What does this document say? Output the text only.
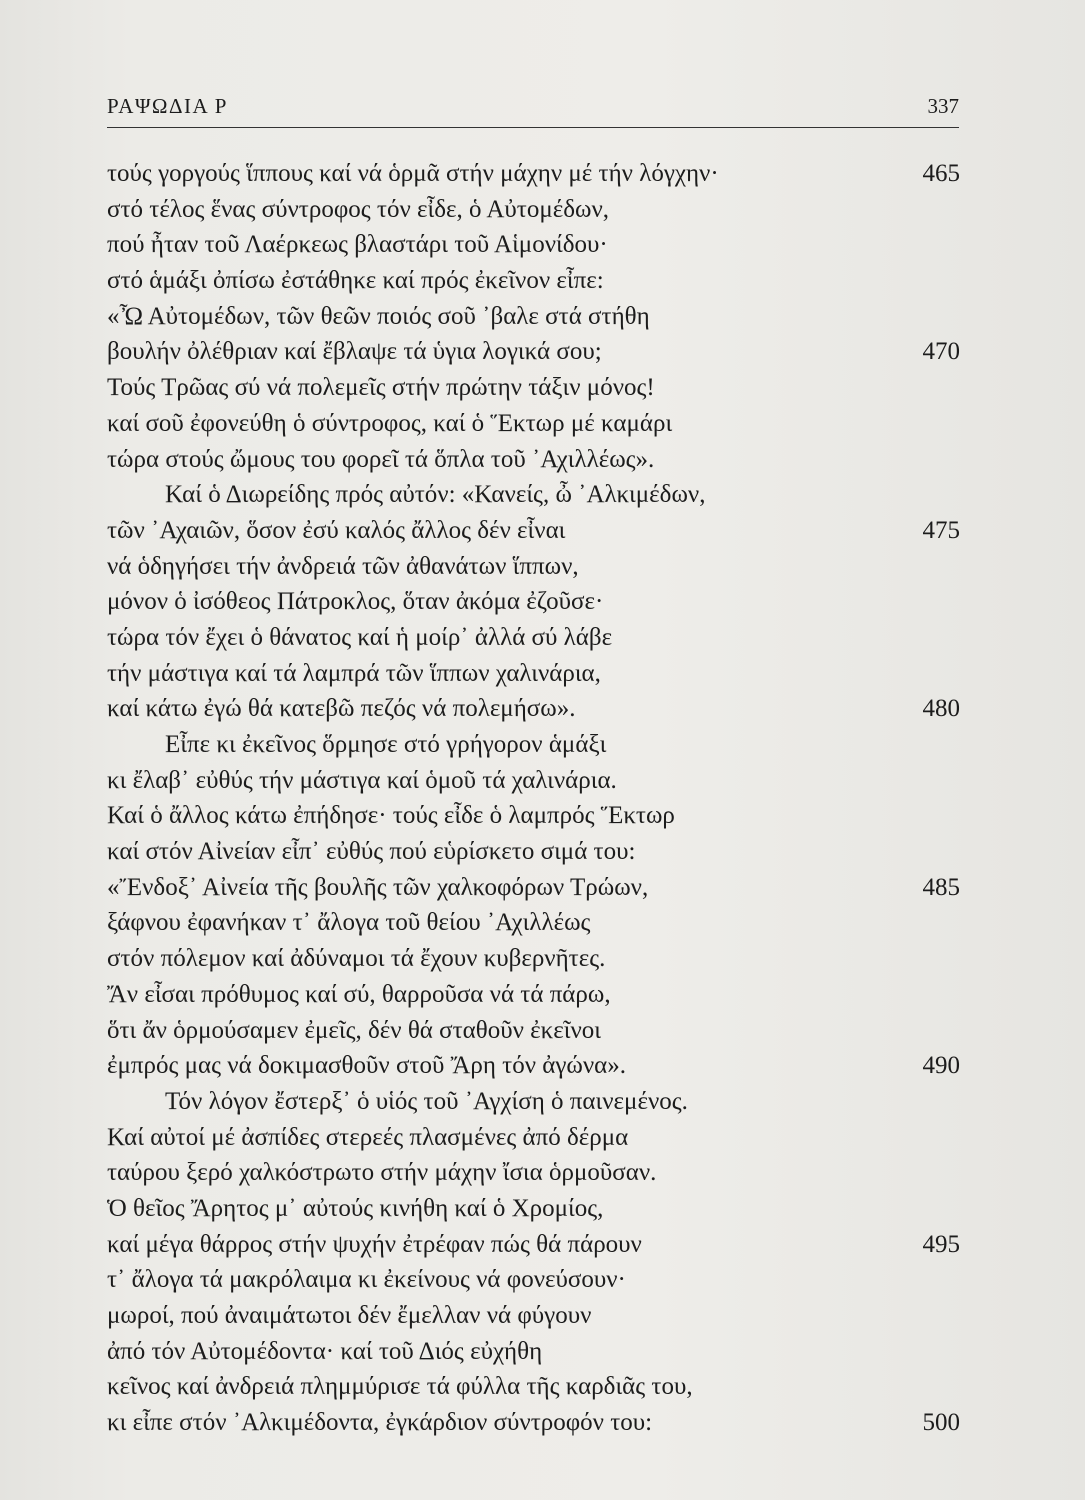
ΡΑΨΩΔΙΑ Ρ	337
τούς γοργούς ἵππους καί νά ὁρμᾶ στήν μάχην μέ τήν λόγχην·	465
στό τέλος ἕνας σύντροφος τόν εἶδε, ὁ Αὐτομέδων,
πού ἦταν τοῦ Λαέρκεως βλαστάρι τοῦ Αἱμονίδου·
στό ἁμάξι ὀπίσω ἐστάθηκε καί πρός ἐκεῖνον εἶπε:
«Ὦ Αὐτομέδων, τῶν θεῶν ποιός σοῦ ᾿βαλε στά στήθη
βουλήν ὀλέθριαν καί ἔβλαψε τά ὑγια λογικά σου;	470
Τούς Τρῶας σύ νά πολεμεῖς στήν πρώτην τάξιν μόνος!
καί σοῦ ἐφονεύθη ὁ σύντροφος, καί ὁ Ἕκτωρ μέ καμάρι
τώρα στούς ὤμους του φορεῖ τά ὅπλα τοῦ ᾿Αχιλλέως».
Καί ὁ Διωρείδης πρός αὐτόν: «Κανείς, ὦ ᾿Αλκιμέδων,
τῶν ᾿Αχαιῶν, ὅσον ἐσύ καλός ἄλλος δέν εἶναι	475
νά ὁδηγήσει τήν ἀνδρειά τῶν ἀθανάτων ἵππων,
μόνον ὁ ἰσόθεος Πάτροκλος, ὅταν ἀκόμα ἐζοῦσε·
τώρα τόν ἔχει ὁ θάνατος καί ἡ μοίρ᾿ ἀλλά σύ λάβε
τήν μάστιγα καί τά λαμπρά τῶν ἵππων χαλινάρια,
καί κάτω ἐγώ θά κατεβῶ πεζός νά πολεμήσω».	480
Εἶπε κι ἐκεῖνος ὅρμησε στό γρήγορον ἁμάξι
κι ἔλαβ᾿ εὐθύς τήν μάστιγα καί ὁμοῦ τά χαλινάρια.
Καί ὁ ἄλλος κάτω ἐπήδησε· τούς εἶδε ὁ λαμπρός Ἕκτωρ
καί στόν Αἰνείαν εἶπ᾿ εὐθύς πού εὑρίσκετο σιμά του:
«Ἔνδοξ᾿ Αἰνεία τῆς βουλῆς τῶν χαλκοφόρων Τρώων,	485
ξάφνου ἐφανήκαν τ᾿ ἄλογα τοῦ θείου ᾿Αχιλλέως
στόν πόλεμον καί ἀδύναμοι τά ἔχουν κυβερνῆτες.
Ἄν εἶσαι πρόθυμος καί σύ, θαρροῦσα νά τά πάρω,
ὅτι ἄν ὁρμούσαμεν ἐμεῖς, δέν θά σταθοῦν ἐκεῖνοι
ἐμπρός μας νά δοκιμασθοῦν στοῦ Ἄρη τόν ἀγώνα».	490
Τόν λόγον ἔστερξ᾿ ὁ υἱός τοῦ ᾿Αγχίση ὁ παινεμένος.
Καί αὐτοί μέ ἀσπίδες στερεές πλασμένες ἀπό δέρμα
ταύρου ξερό χαλκόστρωτο στήν μάχην ἴσια ὁρμοῦσαν.
Ὁ θεῖος Ἄρητος μ᾿ αὐτούς κινήθη καί ὁ Χρομίος,
καί μέγα θάρρος στήν ψυχήν ἐτρέφαν πώς θά πάρουν	495
τ᾿ ἄλογα τά μακρόλαιμα κι ἐκείνους νά φονεύσουν·
μωροί, πού ἀναιμάτωτοι δέν ἔμελλαν νά φύγουν
ἀπό τόν Αὐτομέδοντα· καί τοῦ Διός εὐχήθη
κεῖνος καί ἀνδρειά πλημμύρισε τά φύλλα τῆς καρδιᾶς του,
κι εἶπε στόν ᾿Αλκιμέδοντα, ἐγκάρδιον σύντροφόν του:	500
